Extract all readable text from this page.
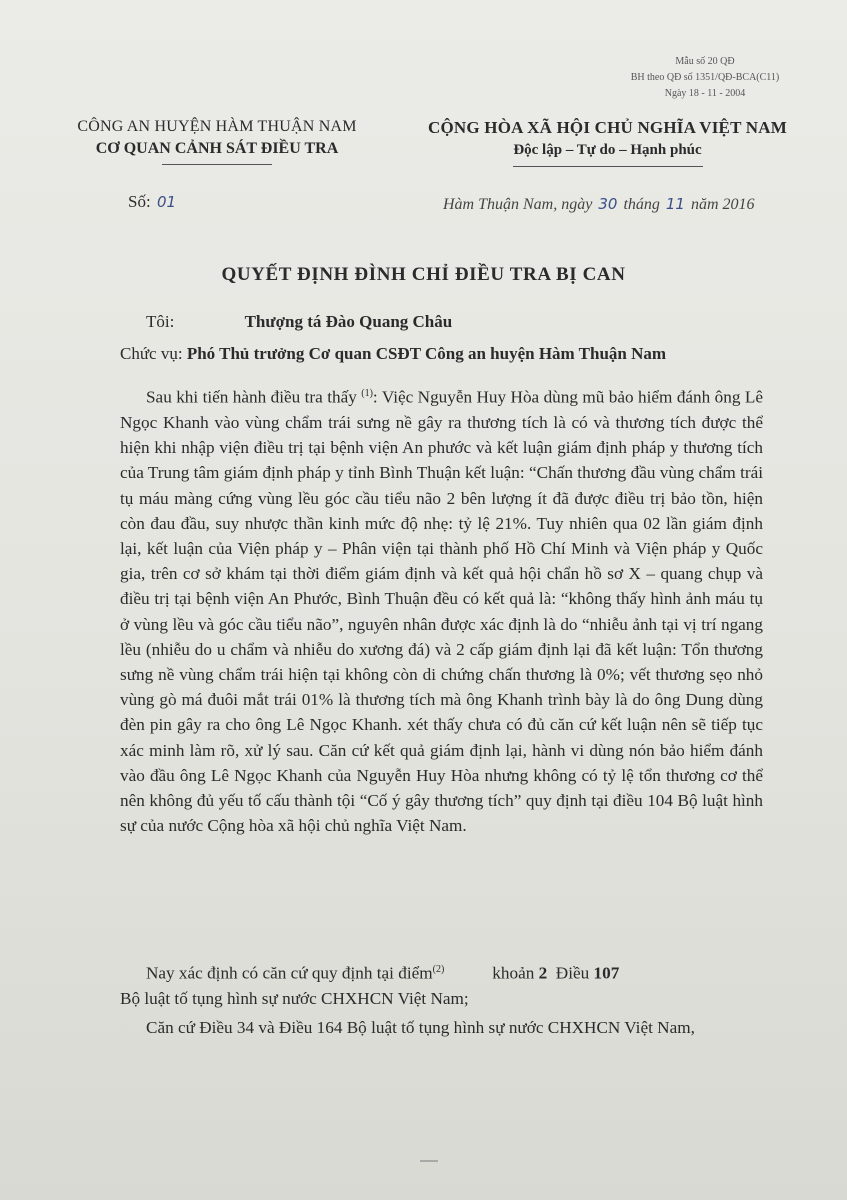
Mẫu số 20 QĐ
BH theo QĐ số 1351/QĐ-BCA(C11)
Ngày 18 - 11 - 2004
CÔNG AN HUYỆN HÀM THUẬN NAM
CƠ QUAN CẢNH SÁT ĐIỀU TRA
CỘNG HÒA XÃ HỘI CHỦ NGHĨA VIỆT NAM
Độc lập – Tự do – Hạnh phúc
Số: 01	Hàm Thuận Nam, ngày 30 tháng 11 năm 2016
QUYẾT ĐỊNH ĐÌNH CHỈ ĐIỀU TRA BỊ CAN
Tôi:	Thượng tá Đào Quang Châu
Chức vụ: Phó Thủ trưởng Cơ quan CSĐT Công an huyện Hàm Thuận Nam

Sau khi tiến hành điều tra thấy $^{(1)}$: Việc Nguyễn Huy Hòa dùng mũ bảo hiểm đánh ông Lê Ngọc Khanh vào vùng chẩm trái sưng nề gây ra thương tích là có và thương tích được thể hiện khi nhập viện điều trị tại bệnh viện An phước và kết luận giám định pháp y thương tích của Trung tâm giám định pháp y tỉnh Bình Thuận kết luận: “Chấn thương đầu vùng chẩm trái tụ máu màng cứng vùng lều góc cầu tiểu não 2 bên lượng ít đã được điều trị bảo tồn, hiện còn đau đầu, suy nhược thần kinh mức độ nhẹ: tỷ lệ 21%. Tuy nhiên qua 02 lần giám định lại, kết luận của Viện pháp y – Phân viện tại thành phố Hồ Chí Minh và Viện pháp y Quốc gia, trên cơ sở khám tại thời điểm giám định và kết quả hội chẩn hồ sơ X – quang chụp và điều trị tại bệnh viện An Phước, Bình Thuận đều có kết quả là: “không thấy hình ảnh máu tụ ở vùng lều và góc cầu tiểu não”, nguyên nhân được xác định là do “nhiễu ảnh tại vị trí ngang lều (nhiễu do u chẩm và nhiễu do xương đá) và 2 cấp giám định lại đã kết luận: Tổn thương sưng nề vùng chẩm trái hiện tại không còn di chứng chấn thương là 0%; vết thương sẹo nhỏ vùng gò má đuôi mắt trái 01% là thương tích mà ông Khanh trình bày là do ông Dung dùng đèn pin gây ra cho ông Lê Ngọc Khanh. xét thấy chưa có đủ căn cứ kết luận nên sẽ tiếp tục xác minh làm rõ, xử lý sau. Căn cứ kết quả giám định lại, hành vi dùng nón bảo hiểm đánh vào đầu ông Lê Ngọc Khanh của Nguyễn Huy Hòa nhưng không có tỷ lệ tổn thương cơ thể nên không đủ yếu tố cấu thành tội “Cố ý gây thương tích” quy định tại điều 104 Bộ luật hình sự của nước Cộng hòa xã hội chủ nghĩa Việt Nam.

Nay xác định có căn cứ quy định tại điểm$^{(2)}$	khoản 2 Điều 107
Bộ luật tố tụng hình sự nước CHXHCN Việt Nam;
Căn cứ Điều 34 và Điều 164 Bộ luật tố tụng hình sự nước CHXHCN Việt Nam,
